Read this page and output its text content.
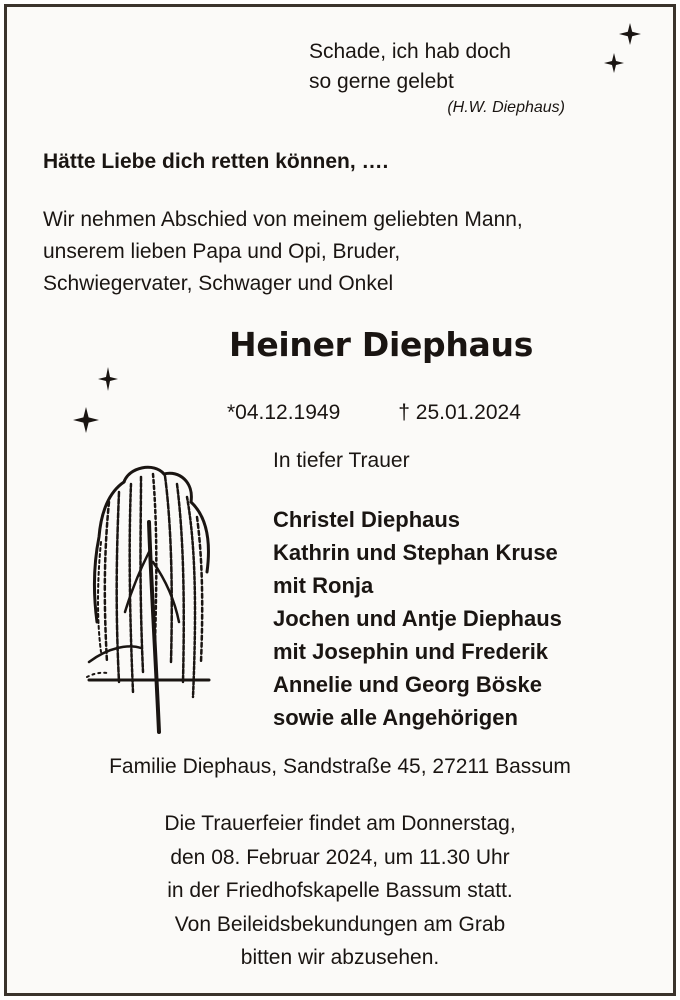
Schade, ich hab doch
so gerne gelebt
(H.W. Diephaus)
Hätte Liebe dich retten können, ….
Wir nehmen Abschied von meinem geliebten Mann,
unserem lieben Papa und Opi, Bruder,
Schwiegervater, Schwager und Onkel
Heiner Diephaus
*04.12.1949	† 25.01.2024
In tiefer Trauer
Christel Diephaus
Kathrin und Stephan Kruse
mit Ronja
Jochen und Antje Diephaus
mit Josephin und Frederik
Annelie und Georg Böske
sowie alle Angehörigen
Familie Diephaus, Sandstraße 45, 27211 Bassum
Die Trauerfeier findet am Donnerstag,
den 08. Februar 2024, um 11.30 Uhr
in der Friedhofskapelle Bassum statt.
Von Beileidsbekundungen am Grab
bitten wir abzusehen.
